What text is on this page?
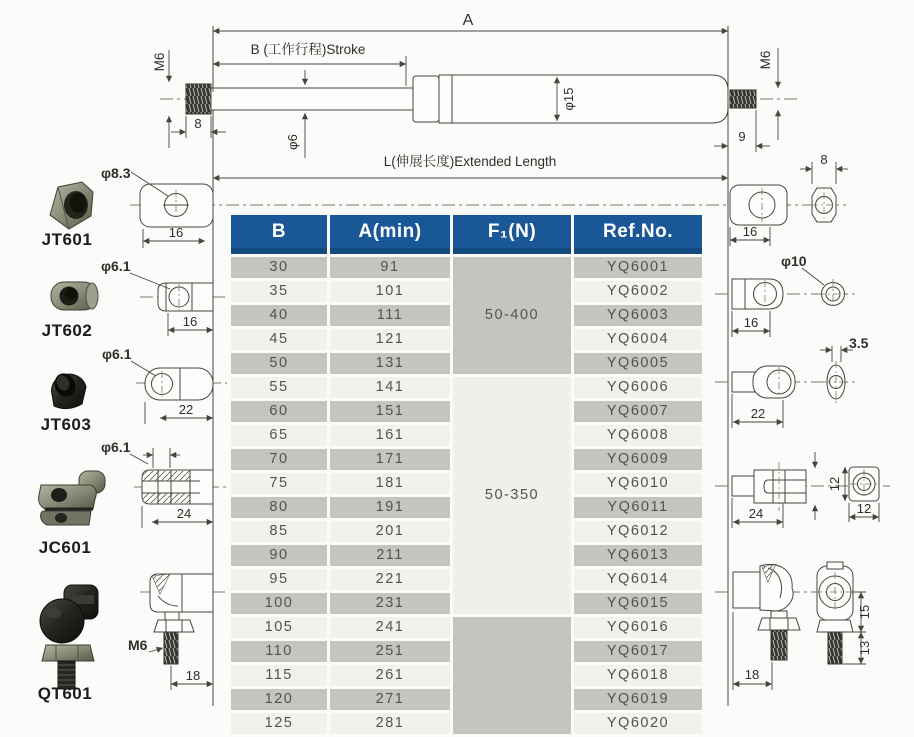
A
B (工作行程)Stroke
M6
8
φ6
φ15
M6
9
L(伸展长度)Extended Length
φ8.3
16	16
8
φ6.1
16	16
φ10
φ6.1
22	22
3.5
φ6.1
24	24
12
12
M6
18	18
15
13
JT601
JT602
JT603
JC601
QT601
B	A(min)	F₁(N)	Ref.No.
30	91	50-400	YQ6001
35	101		YQ6002
40	111		YQ6003
45	121		YQ6004
50	131		YQ6005
55	141	50-350	YQ6006
60	151		YQ6007
65	161		YQ6008
70	171		YQ6009
75	181		YQ6010
80	191		YQ6011
85	201		YQ6012
90	211		YQ6013
95	221		YQ6014
100	231		YQ6015
105	241		YQ6016
110	251		YQ6017
115	261		YQ6018
120	271		YQ6019
125	281		YQ6020
